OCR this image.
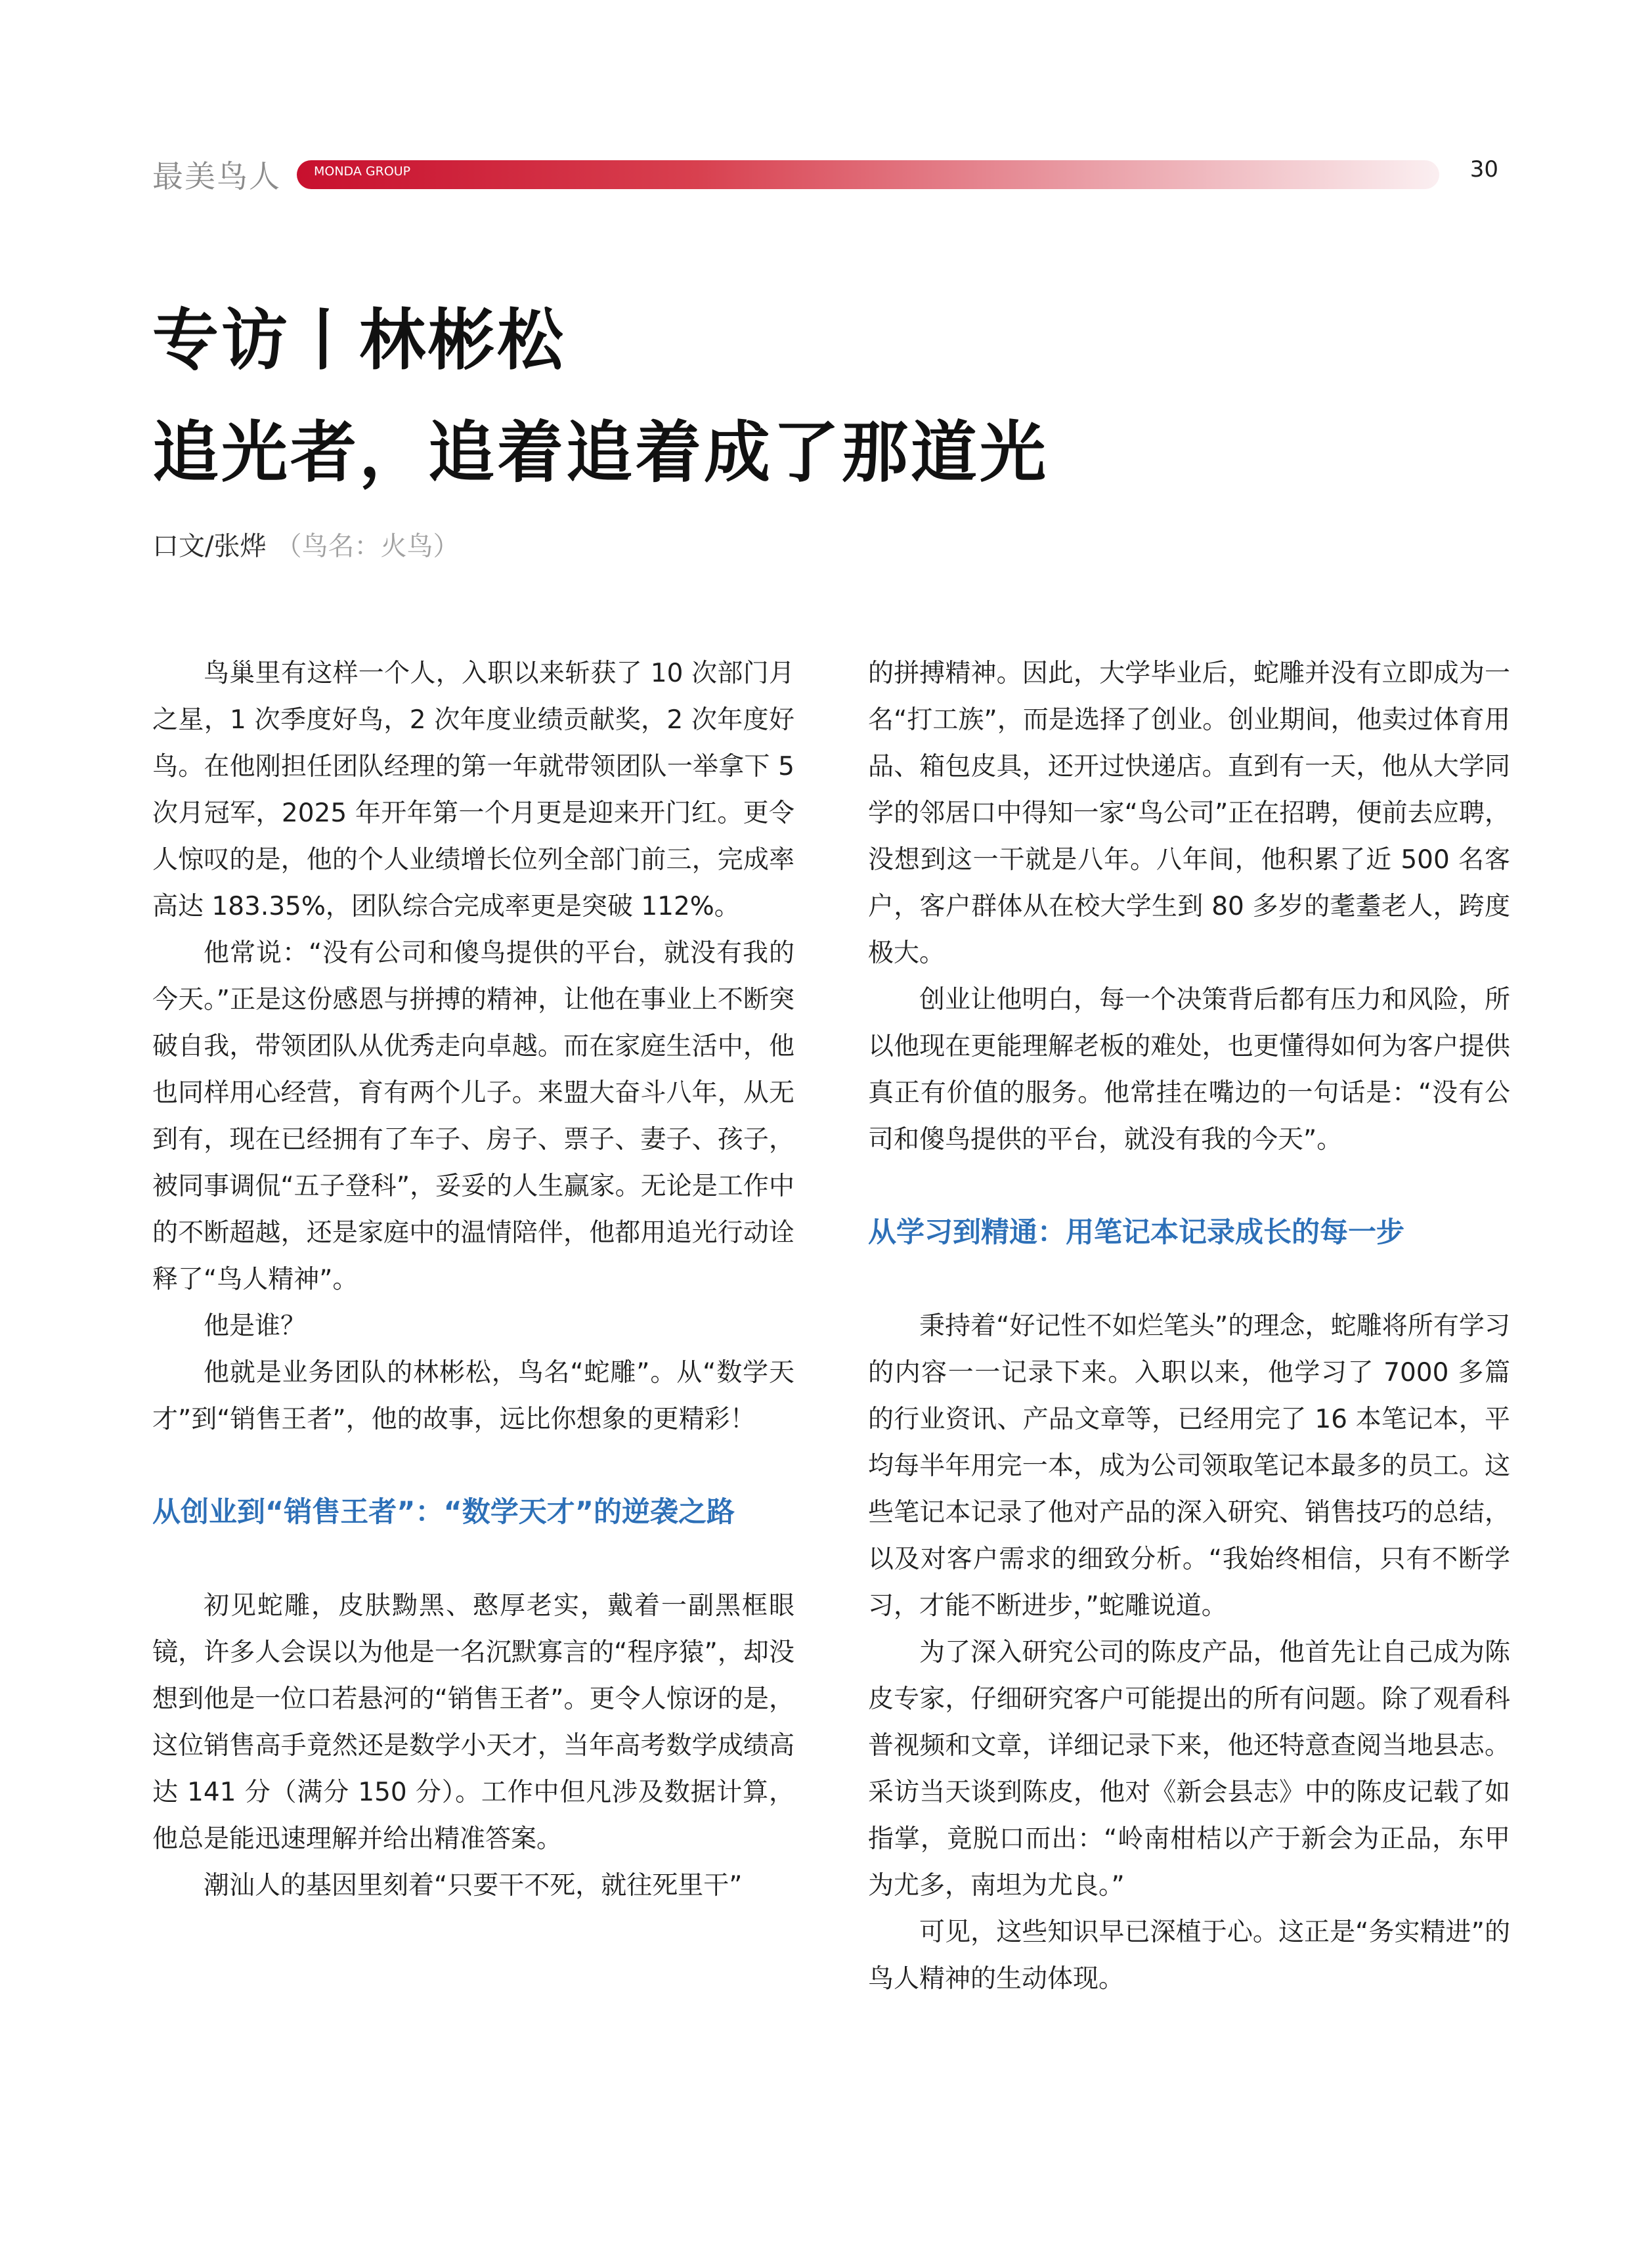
最美鸟人	MONDA GROUP	30
专访丨林彬松
追光者，追着追着成了那道光
口文/张烨 （鸟名：火鸟）

鸟巢里有这样一个人，入职以来斩获了 10 次部门月之星，1 次季度好鸟，2 次年度业绩贡献奖，2 次年度好鸟。在他刚担任团队经理的第一年就带领团队一举拿下 5 次月冠军，2025 年开年第一个月更是迎来开门红。更令人惊叹的是，他的个人业绩增长位列全部门前三，完成率高达 183.35%，团队综合完成率更是突破 112%。

他常说：“没有公司和傻鸟提供的平台，就没有我的今天。”正是这份感恩与拼搏的精神，让他在事业上不断突破自我，带领团队从优秀走向卓越。而在家庭生活中，他也同样用心经营，育有两个儿子。来盟大奋斗八年，从无到有，现在已经拥有了车子、房子、票子、妻子、孩子，被同事调侃“五子登科”，妥妥的人生赢家。无论是工作中的不断超越，还是家庭中的温情陪伴，他都用追光行动诠释了“鸟人精神”。

他是谁？

他就是业务团队的林彬松，鸟名“蛇雕”。从“数学天才”到“销售王者”，他的故事，远比你想象的更精彩！

从创业到“销售王者”：“数学天才”的逆袭之路

初见蛇雕，皮肤黝黑、憨厚老实，戴着一副黑框眼镜，许多人会误以为他是一名沉默寡言的“程序猿”，却没想到他是一位口若悬河的“销售王者”。更令人惊讶的是，这位销售高手竟然还是数学小天才，当年高考数学成绩高达 141 分（满分 150 分）。工作中但凡涉及数据计算，他总是能迅速理解并给出精准答案。

潮汕人的基因里刻着“只要干不死，就往死里干”

的拼搏精神。因此，大学毕业后，蛇雕并没有立即成为一名“打工族”，而是选择了创业。创业期间，他卖过体育用品、箱包皮具，还开过快递店。直到有一天，他从大学同学的邻居口中得知一家“鸟公司”正在招聘，便前去应聘，没想到这一干就是八年。八年间，他积累了近 500 名客户，客户群体从在校大学生到 80 多岁的耄耋老人，跨度极大。

创业让他明白，每一个决策背后都有压力和风险，所以他现在更能理解老板的难处，也更懂得如何为客户提供真正有价值的服务。他常挂在嘴边的一句话是：“没有公司和傻鸟提供的平台，就没有我的今天”。

从学习到精通：用笔记本记录成长的每一步

秉持着“好记性不如烂笔头”的理念，蛇雕将所有学习的内容一一记录下来。入职以来，他学习了 7000 多篇的行业资讯、产品文章等，已经用完了 16 本笔记本，平均每半年用完一本，成为公司领取笔记本最多的员工。这些笔记本记录了他对产品的深入研究、销售技巧的总结，以及对客户需求的细致分析。“我始终相信，只有不断学习，才能不断进步，”蛇雕说道。

为了深入研究公司的陈皮产品，他首先让自己成为陈皮专家，仔细研究客户可能提出的所有问题。除了观看科普视频和文章，详细记录下来，他还特意查阅当地县志。采访当天谈到陈皮，他对《新会县志》中的陈皮记载了如指掌，竟脱口而出：“岭南柑桔以产于新会为正品，东甲为尤多，南坦为尤良。”

可见，这些知识早已深植于心。这正是“务实精进”的鸟人精神的生动体现。
